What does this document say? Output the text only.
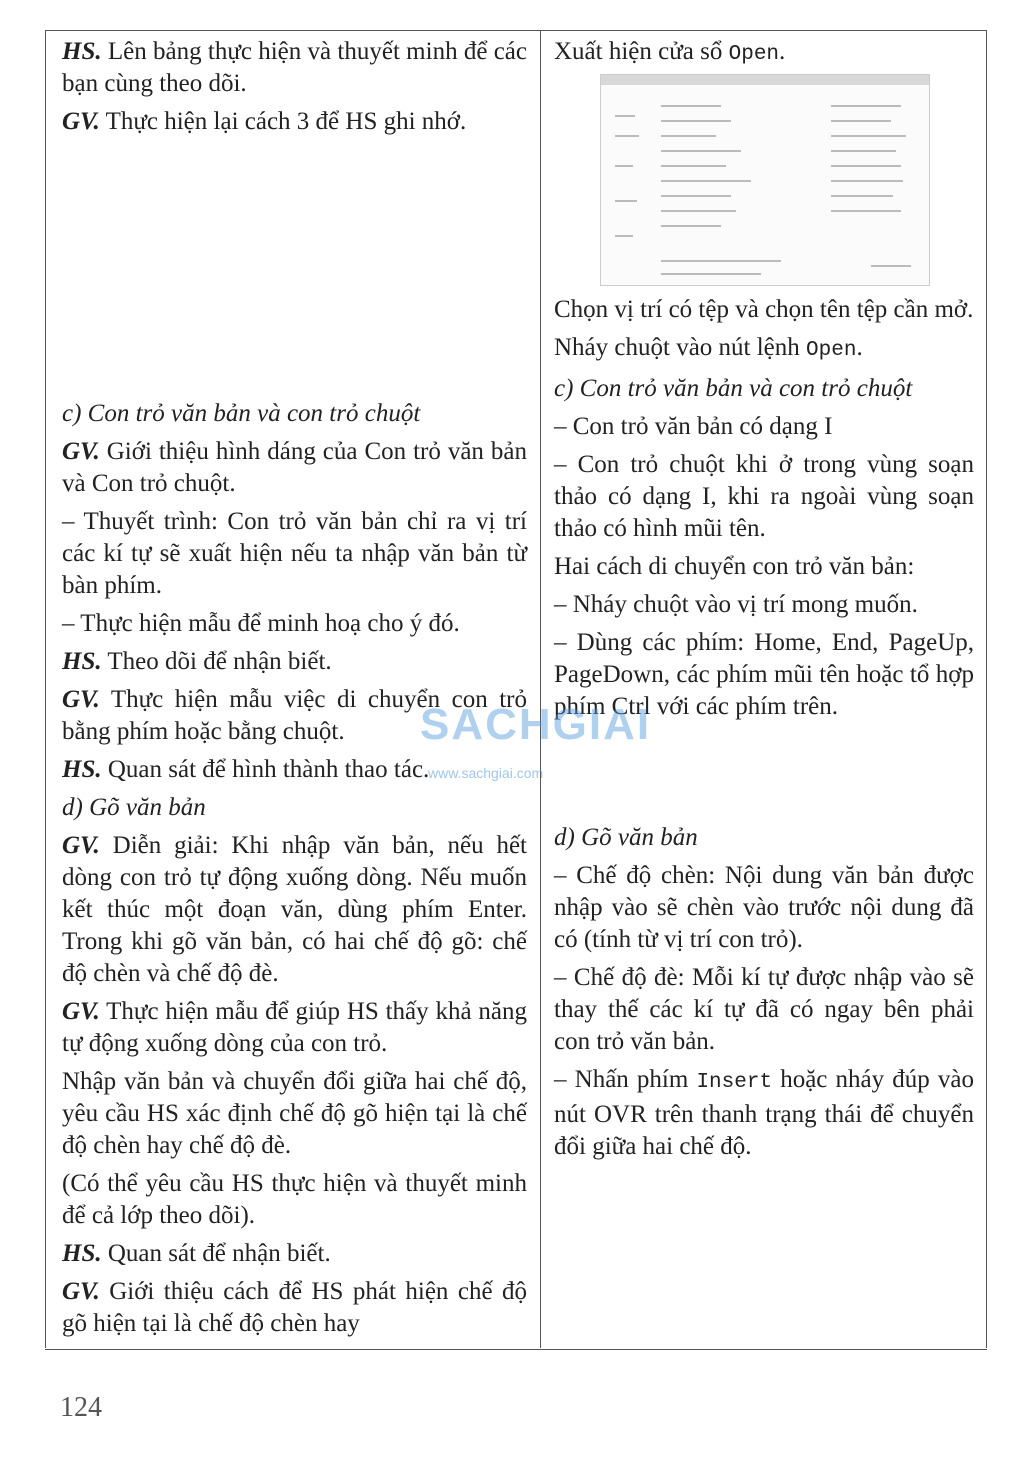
HS. Lên bảng thực hiện và thuyết minh để các bạn cùng theo dõi.

GV. Thực hiện lại cách 3 để HS ghi nhớ.

c) Con trỏ văn bản và con trỏ chuột

GV. Giới thiệu hình dáng của Con trỏ văn bản và Con trỏ chuột.

– Thuyết trình: Con trỏ văn bản chỉ ra vị trí các kí tự sẽ xuất hiện nếu ta nhập văn bản từ bàn phím.

– Thực hiện mẫu để minh hoạ cho ý đó.

HS. Theo dõi để nhận biết.

GV. Thực hiện mẫu việc di chuyển con trỏ bằng phím hoặc bằng chuột.

HS. Quan sát để hình thành thao tác.

d) Gõ văn bản

GV. Diễn giải: Khi nhập văn bản, nếu hết dòng con trỏ tự động xuống dòng. Nếu muốn kết thúc một đoạn văn, dùng phím Enter. Trong khi gõ văn bản, có hai chế độ gõ: chế độ chèn và chế độ đè.

GV. Thực hiện mẫu để giúp HS thấy khả năng tự động xuống dòng của con trỏ.

Nhập văn bản và chuyển đổi giữa hai chế độ, yêu cầu HS xác định chế độ gõ hiện tại là chế độ chèn hay chế độ đè.

(Có thể yêu cầu HS thực hiện và thuyết minh để cả lớp theo dõi).

HS. Quan sát để nhận biết.

GV. Giới thiệu cách để HS phát hiện chế độ gõ hiện tại là chế độ chèn hay

Xuất hiện cửa sổ Open.

Chọn vị trí có tệp và chọn tên tệp cần mở.

Nháy chuột vào nút lệnh Open.

c) Con trỏ văn bản và con trỏ chuột

– Con trỏ văn bản có dạng I

– Con trỏ chuột khi ở trong vùng soạn thảo có dạng I, khi ra ngoài vùng soạn thảo có hình mũi tên.

Hai cách di chuyển con trỏ văn bản:

– Nháy chuột vào vị trí mong muốn.

– Dùng các phím: Home, End, PageUp, PageDown, các phím mũi tên hoặc tổ hợp phím Ctrl với các phím trên.

d) Gõ văn bản

– Chế độ chèn: Nội dung văn bản được nhập vào sẽ chèn vào trước nội dung đã có (tính từ vị trí con trỏ).

– Chế độ đè: Mỗi kí tự được nhập vào sẽ thay thế các kí tự đã có ngay bên phải con trỏ văn bản.

– Nhấn phím Insert hoặc nháy đúp vào nút OVR trên thanh trạng thái để chuyển đổi giữa hai chế độ.

SACHGIAI
www.sachgiai.com
124
